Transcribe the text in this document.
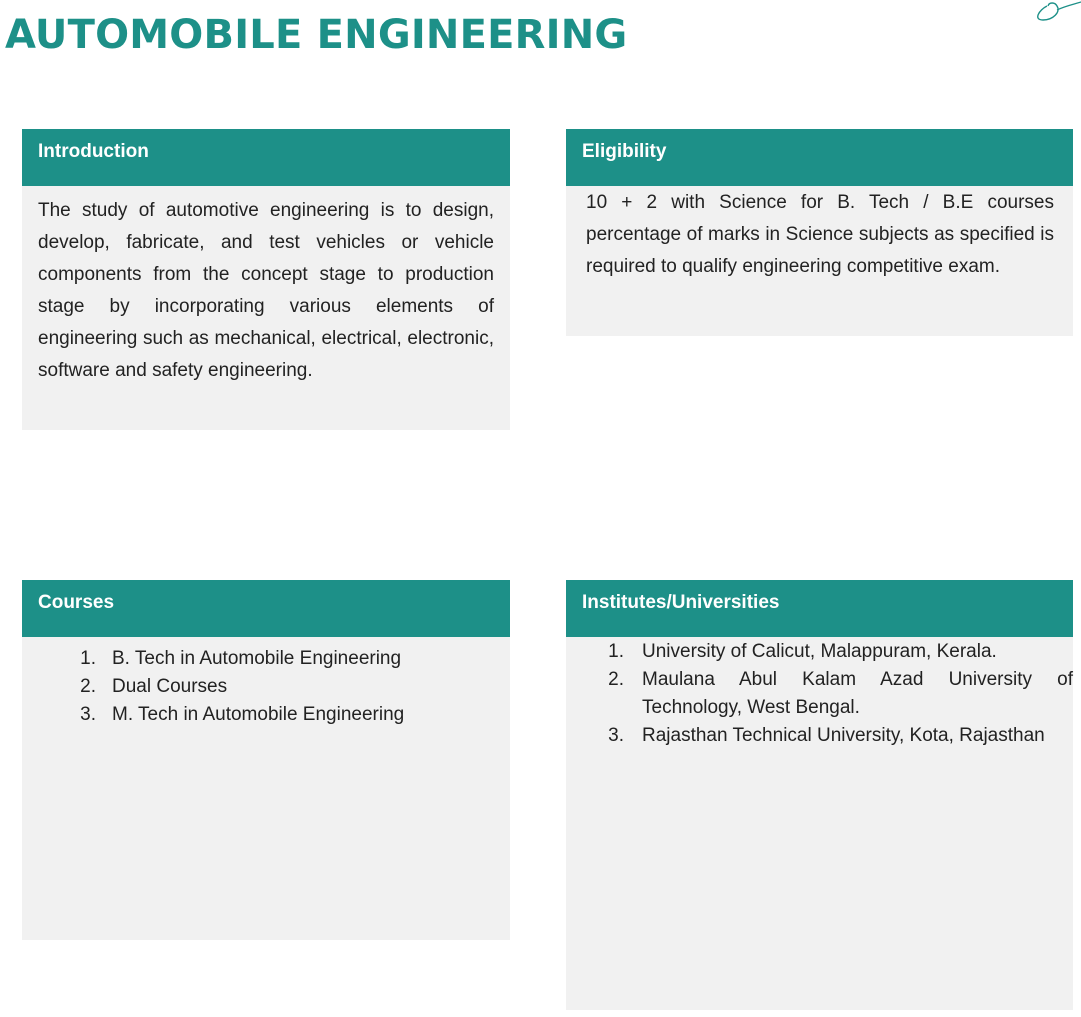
AUTOMOBILE ENGINEERING
Introduction

The study of automotive engineering is to design, develop, fabricate, and test vehicles or vehicle components from the concept stage to production stage by incorporating various elements of engineering such as mechanical, electrical, electronic, software and safety engineering.

Eligibility

10 + 2 with Science for B. Tech / B.E courses percentage of marks in Science subjects as specified is required to qualify engineering competitive exam.

Courses
1. B. Tech in Automobile Engineering
2. Dual Courses
3. M. Tech in Automobile Engineering
Institutes/Universities
1. University of Calicut, Malappuram, Kerala.
2. Maulana Abul Kalam Azad University of Technology, West Bengal.
3. Rajasthan Technical University, Kota, Rajasthan
